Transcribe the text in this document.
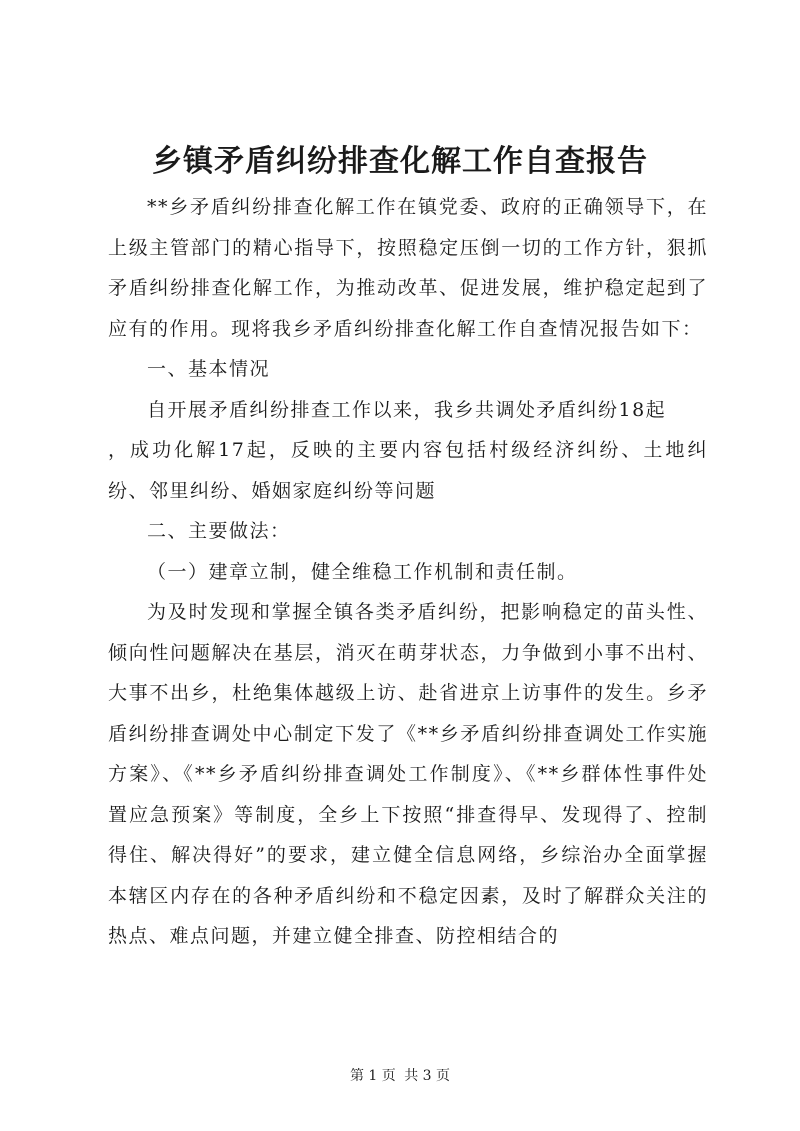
乡镇矛盾纠纷排查化解工作自查报告

**乡矛盾纠纷排查化解工作在镇党委、政府的正确领导下，在上级主管部门的精心指导下，按照稳定压倒一切的工作方针，狠抓矛盾纠纷排查化解工作，为推动改革、促进发展，维护稳定起到了应有的作用。现将我乡矛盾纠纷排查化解工作自查情况报告如下：

一、基本情况

自开展矛盾纠纷排查工作以来，我乡共调处矛盾纠纷18起

，成功化解17起，反映的主要内容包括村级经济纠纷、土地纠纷、邻里纠纷、婚姻家庭纠纷等问题

二、主要做法：

（一）建章立制，健全维稳工作机制和责任制。

为及时发现和掌握全镇各类矛盾纠纷，把影响稳定的苗头性、倾向性问题解决在基层，消灭在萌芽状态，力争做到小事不出村、大事不出乡，杜绝集体越级上访、赴省进京上访事件的发生。乡矛盾纠纷排查调处中心制定下发了《**乡矛盾纠纷排查调处工作实施方案》、《**乡矛盾纠纷排查调处工作制度》、《**乡群体性事件处置应急预案》等制度，全乡上下按照“排查得早、发现得了、控制得住、解决得好”的要求，建立健全信息网络，乡综治办全面掌握本辖区内存在的各种矛盾纠纷和不稳定因素，及时了解群众关注的热点、难点问题，并建立健全排查、防控相结合的

第 1 页 共 3 页
